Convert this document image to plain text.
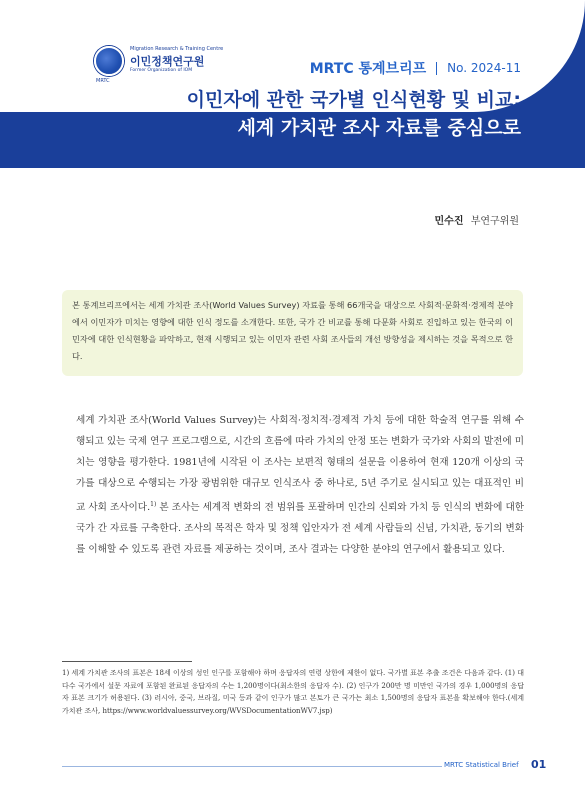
MRTC
Migration Research & Training Centre
이민정책연구원
Former Organization of IOM	MRTC 통계브리프 No. 2024-11
이민자에 관한 국가별 인식현황 및 비교:
세계 가치관 조사 자료를 중심으로
민수진 부연구위원

본 통계브리프에서는 세계 가치관 조사(World Values Survey) 자료를 통해 66개국을 대상으로 사회적·문화적·경제적 분야에서 이민자가 미치는 영향에 대한 인식 정도를 소개한다. 또한, 국가 간 비교를 통해 다문화 사회로 진입하고 있는 한국의 이민자에 대한 인식현황을 파악하고, 현재 시행되고 있는 이민자 관련 사회 조사들의 개선 방향성을 제시하는 것을 목적으로 한다.

세계 가치관 조사(World Values Survey)는 사회적·정치적·경제적 가치 등에 대한 학술적 연구를 위해 수행되고 있는 국제 연구 프로그램으로, 시간의 흐름에 따라 가치의 안정 또는 변화가 국가와 사회의 발전에 미치는 영향을 평가한다. 1981년에 시작된 이 조사는 보편적 형태의 설문을 이용하여 현재 120개 이상의 국가를 대상으로 수행되는 가장 광범위한 대규모 인식조사 중 하나로, 5년 주기로 실시되고 있는 대표적인 비교 사회 조사이다.$^{1)}$ 본 조사는 세계적 변화의 전 범위를 포괄하며 인간의 신뢰와 가치 등 인식의 변화에 대한 국가 간 자료를 구축한다. 조사의 목적은 학자 및 정책 입안자가 전 세계 사람들의 신념, 가치관, 동기의 변화를 이해할 수 있도록 관련 자료를 제공하는 것이며, 조사 결과는 다양한 분야의 연구에서 활용되고 있다.

1) 세계 가치관 조사의 표본은 18세 이상의 성인 인구를 포함해야 하며 응답자의 연령 상한에 제한이 없다. 국가별 표본 추출 조건은 다음과 같다. (1) 대다수 국가에서 설문 자료에 포함된 완료된 응답자의 수는 1,200명이다(최소한의 응답자 수). (2) 인구가 200만 명 미만인 국가의 경우 1,000명의 응답자 표본 크기가 허용된다. (3) 러시아, 중국, 브라질, 미국 등과 같이 인구가 많고 본토가 큰 국가는 최소 1,500명의 응답자 표본을 확보해야 한다.(세계 가치관 조사, https://www.worldvaluessurvey.org/WVSDocumentationWV7.jsp)

MRTC Statistical Brief 01
